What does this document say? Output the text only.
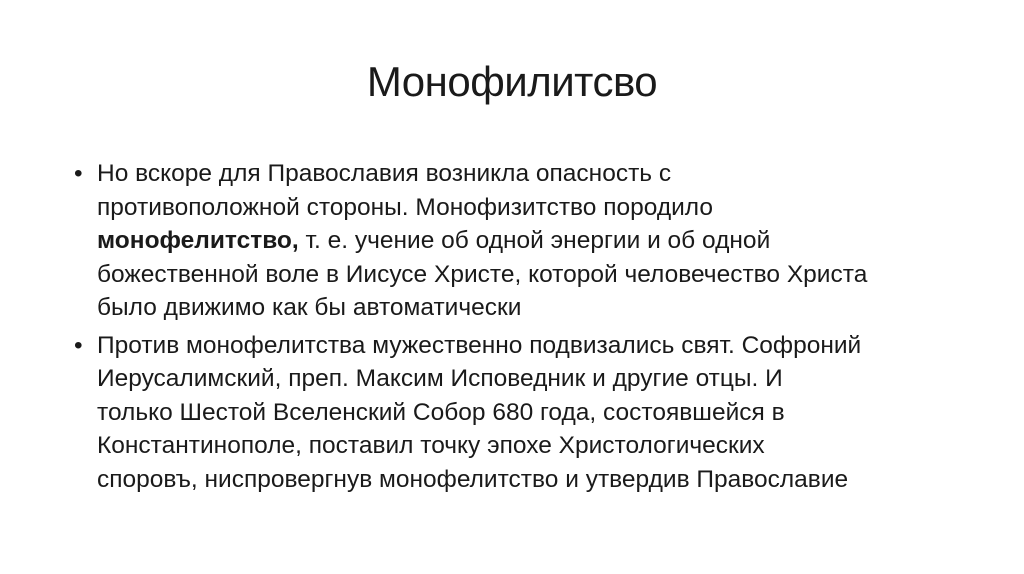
Монофилитсво
• Но вскоре для Православия возникла опасность с
противоположной стороны. Монофизитство породило
монофелитство, т. е. учение об одной энергии и об одной
божественной воле в Иисусе Христе, которой человечество Христа
было движимо как бы автоматически
• Против монофелитства мужественно подвизались свят. Софроний
Иерусалимский, преп. Максим Исповедник и другие отцы. И
только Шестой Вселенский Собор 680 года, состоявшейся в
Константинополе, поставил точку эпохе Христологических
споровъ, ниспровергнув монофелитство и утвердив Православие
